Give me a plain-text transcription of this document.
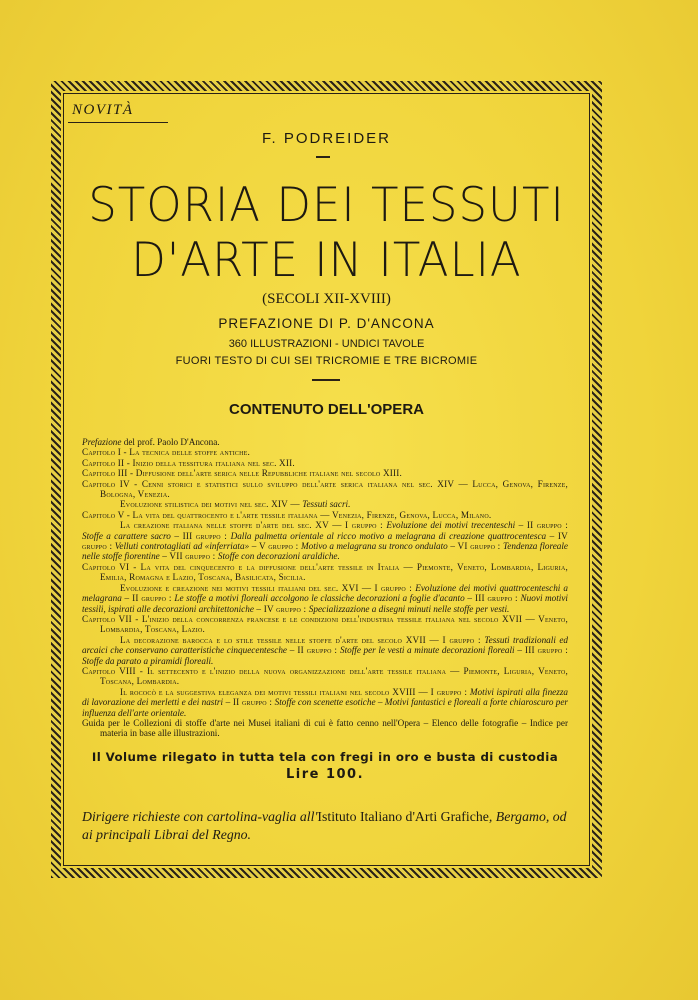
NOVITÀ
F. PODREIDER
STORIA DEI TESSUTI
D'ARTE IN ITALIA
(SECOLI XII-XVIII)
PREFAZIONE DI P. D'ANCONA
360 ILLUSTRAZIONI - UNDICI TAVOLE
FUORI TESTO DI CUI SEI TRICROMIE E TRE BICROMIE
CONTENUTO DELL'OPERA

Prefazione del prof. Paolo D'Ancona.

Capitolo I - La tecnica delle stoffe antiche.

Capitolo II - Inizio della tessitura italiana nel sec. XII.

Capitolo III - Diffusione dell'arte serica nelle Repubbliche italiane nel secolo XIII.

Capitolo IV - Cenni storici e statistici sullo sviluppo dell'arte serica italiana nel sec. XIV — Lucca, Genova, Firenze, Bologna, Venezia.

Evoluzione stilistica dei motivi nel sec. XIV — Tessuti sacri.

Capitolo V - La vita del quattrocento e l'arte tessile italiana — Venezia, Firenze, Genova, Lucca, Milano.

La creazione italiana nelle stoffe d'arte del sec. XV — I gruppo : Evoluzione dei motivi trecenteschi – II gruppo : Stoffe a carattere sacro – III gruppo : Dalla palmetta orientale al ricco motivo a melagrana di creazione quattrocentesca – IV gruppo : Velluti controtagliati ad «inferriata» – V gruppo : Motivo a melagrana su tronco ondulato – VI gruppo : Tendenza floreale nelle stoffe fiorentine – VII gruppo : Stoffe con decorazioni araldiche.

Capitolo VI - La vita del cinquecento e la diffusione dell'arte tessile in Italia — Piemonte, Veneto, Lombardia, Liguria, Emilia, Romagna e Lazio, Toscana, Basilicata, Sicilia.

Evoluzione e creazione nei motivi tessili italiani del sec. XVI — I gruppo : Evoluzione dei motivi quattrocenteschi a melagrana – II gruppo : Le stoffe a motivi floreali accolgono le classiche decorazioni a foglie d'acanto – III gruppo : Nuovi motivi tessili, ispirati alle decorazioni architettoniche – IV gruppo : Specializzazione a disegni minuti nelle stoffe per vesti.

Capitolo VII - L'inizio della concorrenza francese e le condizioni dell'industria tessile italiana nel secolo XVII — Veneto, Lombardia, Toscana, Lazio.

La decorazione barocca e lo stile tessile nelle stoffe d'arte del secolo XVII — I gruppo : Tessuti tradizionali ed arcaici che conservano caratteristiche cinquecentesche – II gruppo : Stoffe per le vesti a minute decorazioni floreali – III gruppo : Stoffe da parato a piramidi floreali.

Capitolo VIII - Il settecento e l'inizio della nuova organizzazione dell'arte tessile italiana — Piemonte, Liguria, Veneto, Toscana, Lombardia.

Il rococò e la suggestiva eleganza dei motivi tessili italiani nel secolo XVIII — I gruppo : Motivi ispirati alla finezza di lavorazione dei merletti e dei nastri – II gruppo : Stoffe con scenette esotiche – Motivi fantastici e floreali a forte chiaroscuro per influenza dell'arte orientale.

Guida per le Collezioni di stoffe d'arte nei Musei italiani di cui è fatto cenno nell'Opera – Elenco delle fotografie – Indice per materia in base alle illustrazioni.

Il Volume rilegato in tutta tela con fregi in oro e busta di custodia
Lire 100.
Dirigere richieste con cartolina-vaglia all'Istituto Italiano d'Arti Grafiche, Bergamo, od ai principali Librai del Regno.
